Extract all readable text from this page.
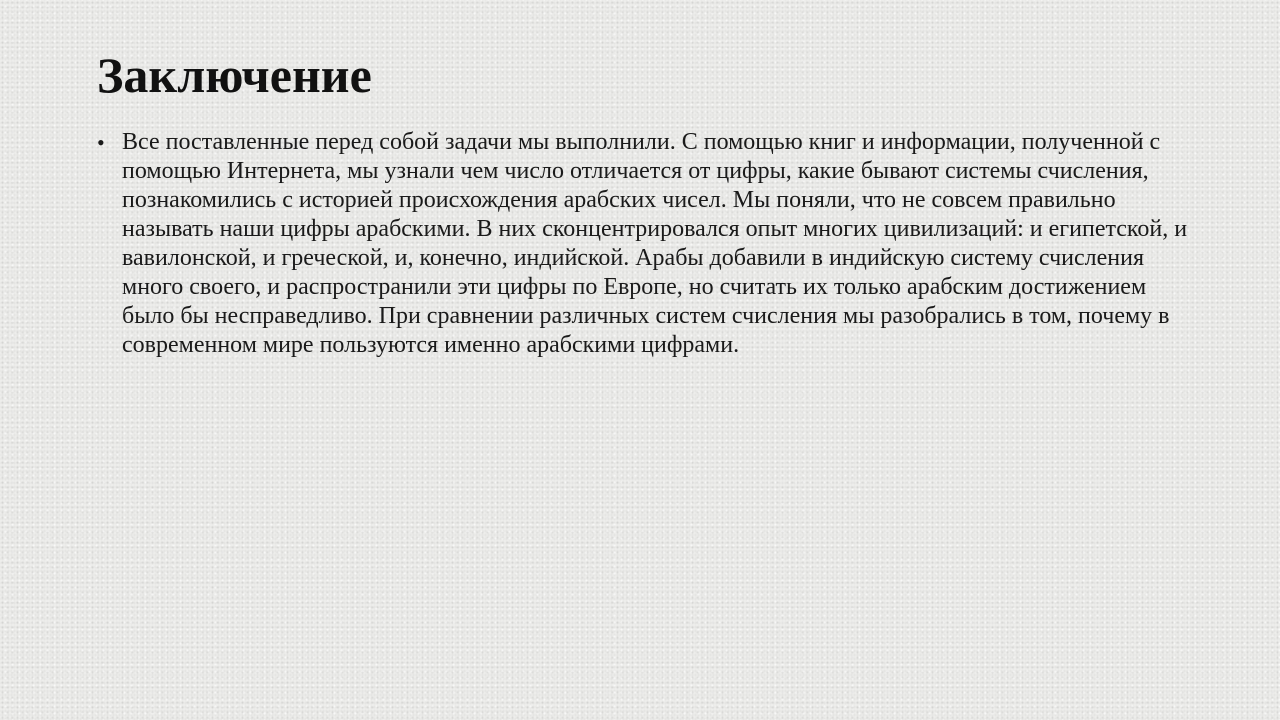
Заключение
• Все поставленные перед собой задачи мы выполнили. С помощью книг и информации, полученной с помощью Интернета, мы узнали чем число отличается от цифры, какие бывают системы счисления, познакомились с историей происхождения арабских чисел. Мы поняли, что не совсем правильно называть наши цифры арабскими. В них сконцентрировался опыт многих цивилизаций: и египетской, и вавилонской, и греческой, и, конечно, индийской. Арабы добавили в индийскую систему счисления много своего, и распространили эти цифры по Европе, но считать их только арабским достижением было бы несправедливо. При сравнении различных систем счисления мы разобрались в том, почему в современном мире пользуются именно арабскими цифрами.
